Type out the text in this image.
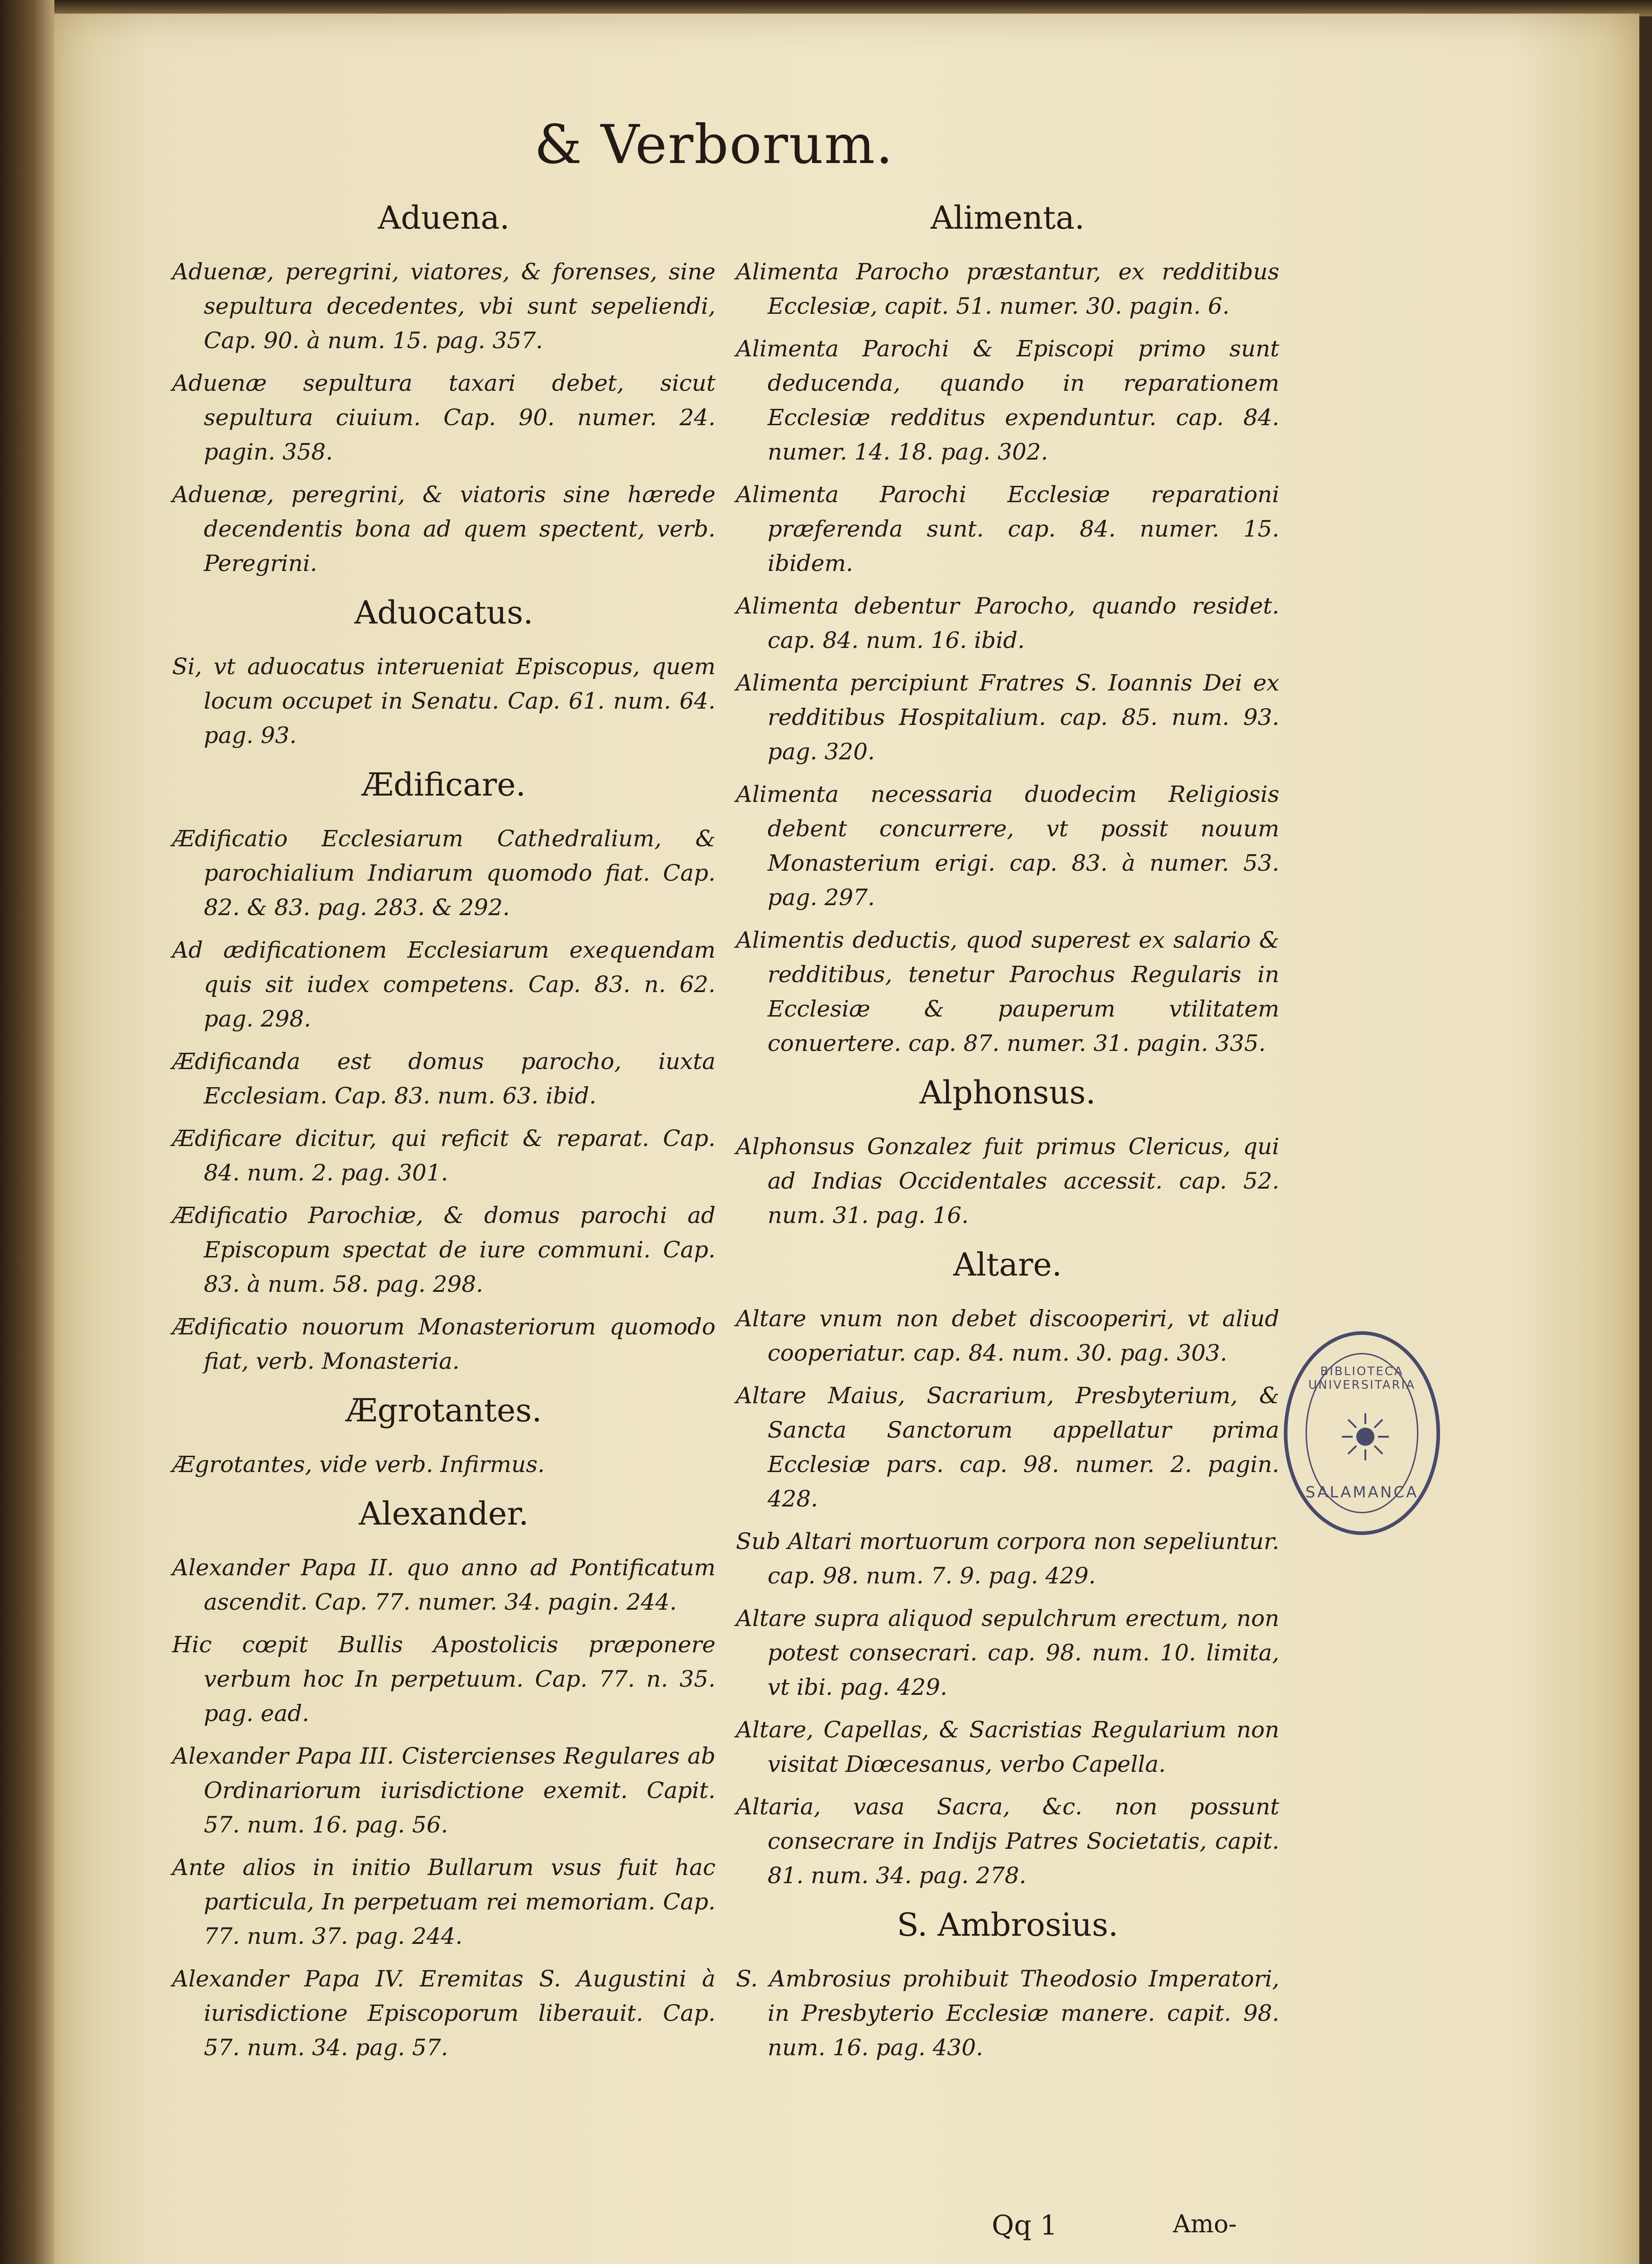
& Verborum.
Aduena.
Aduenæ, peregrini, viatores, & forenses, sine sepultura decedentes, vbi sunt sepeliendi, Cap. 90. à num. 15. pag. 357.
Aduenæ sepultura taxari debet, sicut sepultura ciuium. Cap. 90. numer. 24. pagin. 358.
Aduenæ, peregrini, & viatoris sine hærede decendentis bona ad quem spectent, verb. Peregrini.
Aduocatus.
Si, vt aduocatus interueniat Episcopus, quem locum occupet in Senatu. Cap. 61. num. 64. pag. 93.
Ædificare.
Ædificatio Ecclesiarum Cathedralium, & parochialium Indiarum quomodo fiat. Cap. 82. & 83. pag. 283. & 292.
Ad ædificationem Ecclesiarum exequendam quis sit iudex competens. Cap. 83. n. 62. pag. 298.
Ædificanda est domus parocho, iuxta Ecclesiam. Cap. 83. num. 63. ibid.
Ædificare dicitur, qui reficit & reparat. Cap. 84. num. 2. pag. 301.
Ædificatio Parochiæ, & domus parochi ad Episcopum spectat de iure communi. Cap. 83. à num. 58. pag. 298.
Ædificatio nouorum Monasteriorum quomodo fiat, verb. Monasteria.
Ægrotantes.
Ægrotantes, vide verb. Infirmus.
Alexander.
Alexander Papa II. quo anno ad Pontificatum ascendit. Cap. 77. numer. 34. pagin. 244.
Hic cœpit Bullis Apostolicis præponere verbum hoc In perpetuum. Cap. 77. n. 35. pag. ead.
Alexander Papa III. Cistercienses Regulares ab Ordinariorum iurisdictione exemit. Capit. 57. num. 16. pag. 56.
Ante alios in initio Bullarum vsus fuit hac particula, In perpetuam rei memoriam. Cap. 77. num. 37. pag. 244.
Alexander Papa IV. Eremitas S. Augustini à iurisdictione Episcoporum liberauit. Cap. 57. num. 34. pag. 57.
Alimenta.
Alimenta Parocho præstantur, ex redditibus Ecclesiæ, capit. 51. numer. 30. pagin. 6.
Alimenta Parochi & Episcopi primo sunt deducenda, quando in reparationem Ecclesiæ redditus expenduntur. cap. 84. numer. 14. 18. pag. 302.
Alimenta Parochi Ecclesiæ reparationi præferenda sunt. cap. 84. numer. 15. ibidem.
Alimenta debentur Parocho, quando residet. cap. 84. num. 16. ibid.
Alimenta percipiunt Fratres S. Ioannis Dei ex redditibus Hospitalium. cap. 85. num. 93. pag. 320.
Alimenta necessaria duodecim Religiosis debent concurrere, vt possit nouum Monasterium erigi. cap. 83. à numer. 53. pag. 297.
Alimentis deductis, quod superest ex salario & redditibus, tenetur Parochus Regularis in Ecclesiæ & pauperum vtilitatem conuertere. cap. 87. numer. 31. pagin. 335.
Alphonsus.
Alphonsus Gonzalez fuit primus Clericus, qui ad Indias Occidentales accessit. cap. 52. num. 31. pag. 16.
Altare.
Altare vnum non debet discooperiri, vt aliud cooperiatur. cap. 84. num. 30. pag. 303.
Altare Maius, Sacrarium, Presbyterium, & Sancta Sanctorum appellatur prima Ecclesiæ pars. cap. 98. numer. 2. pagin. 428.
Sub Altari mortuorum corpora non sepeliuntur. cap. 98. num. 7. 9. pag. 429.
Altare supra aliquod sepulchrum erectum, non potest consecrari. cap. 98. num. 10. limita, vt ibi. pag. 429.
Altare, Capellas, & Sacristias Regularium non visitat Diœcesanus, verbo Capella.
Altaria, vasa Sacra, &c. non possunt consecrare in Indijs Patres Societatis, capit. 81. num. 34. pag. 278.
S. Ambrosius.
S. Ambrosius prohibuit Theodosio Imperatori, in Presbyterio Ecclesiæ manere. capit. 98. num. 16. pag. 430.
BIBLIOTECA UNIVERSITARIA
SALAMANCA
Qq 1	Amo-
